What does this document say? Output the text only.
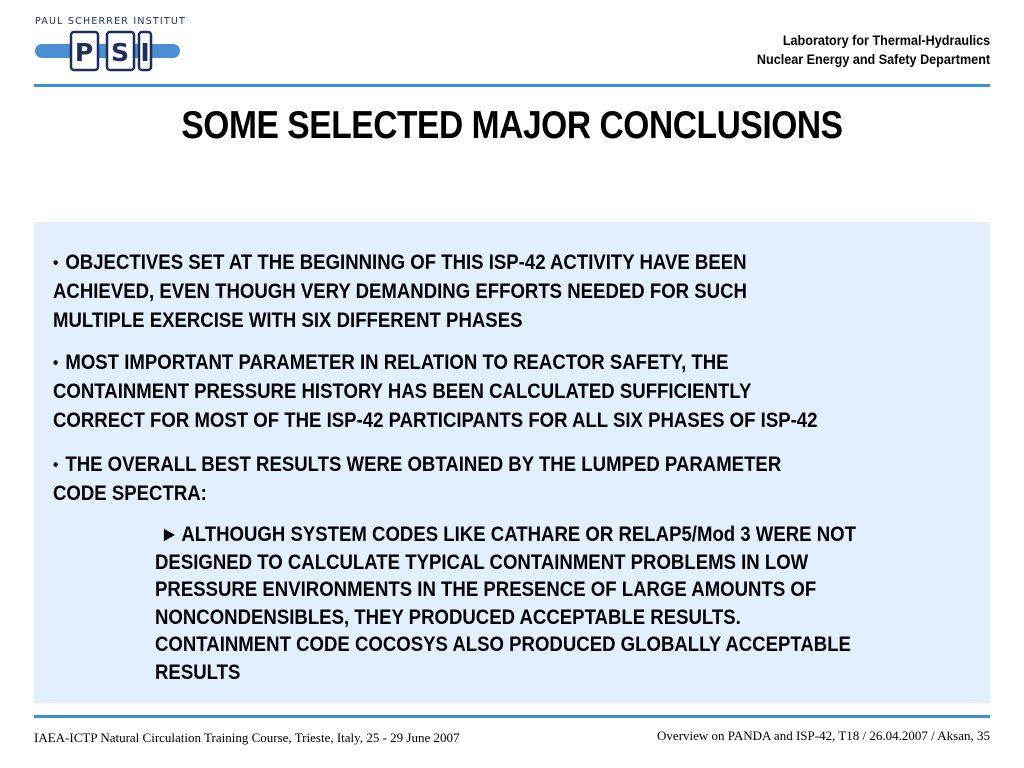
PAUL SCHERRER INSTITUT
P S I	Laboratory for Thermal-Hydraulics
Nuclear Energy and Safety Department
SOME SELECTED MAJOR CONCLUSIONS

• OBJECTIVES SET AT THE BEGINNING OF THIS ISP-42 ACTIVITY HAVE BEEN
ACHIEVED, EVEN THOUGH VERY DEMANDING EFFORTS NEEDED FOR SUCH
MULTIPLE EXERCISE WITH SIX DIFFERENT PHASES

• MOST IMPORTANT PARAMETER IN RELATION TO REACTOR SAFETY, THE
CONTAINMENT PRESSURE HISTORY HAS BEEN CALCULATED SUFFICIENTLY
CORRECT FOR MOST OF THE ISP-42 PARTICIPANTS FOR ALL SIX PHASES OF ISP-42

• THE OVERALL BEST RESULTS WERE OBTAINED BY THE LUMPED PARAMETER
CODE SPECTRA:

► ALTHOUGH SYSTEM CODES LIKE CATHARE OR RELAP5/Mod 3 WERE NOT
DESIGNED TO CALCULATE TYPICAL CONTAINMENT PROBLEMS IN LOW
PRESSURE ENVIRONMENTS IN THE PRESENCE OF LARGE AMOUNTS OF
NONCONDENSIBLES, THEY PRODUCED ACCEPTABLE RESULTS.
CONTAINMENT CODE COCOSYS ALSO PRODUCED GLOBALLY ACCEPTABLE
RESULTS

IAEA-ICTP Natural Circulation Training Course, Trieste, Italy, 25 - 29 June 2007	Overview on PANDA and ISP-42, T18 / 26.04.2007 / Aksan, 35
